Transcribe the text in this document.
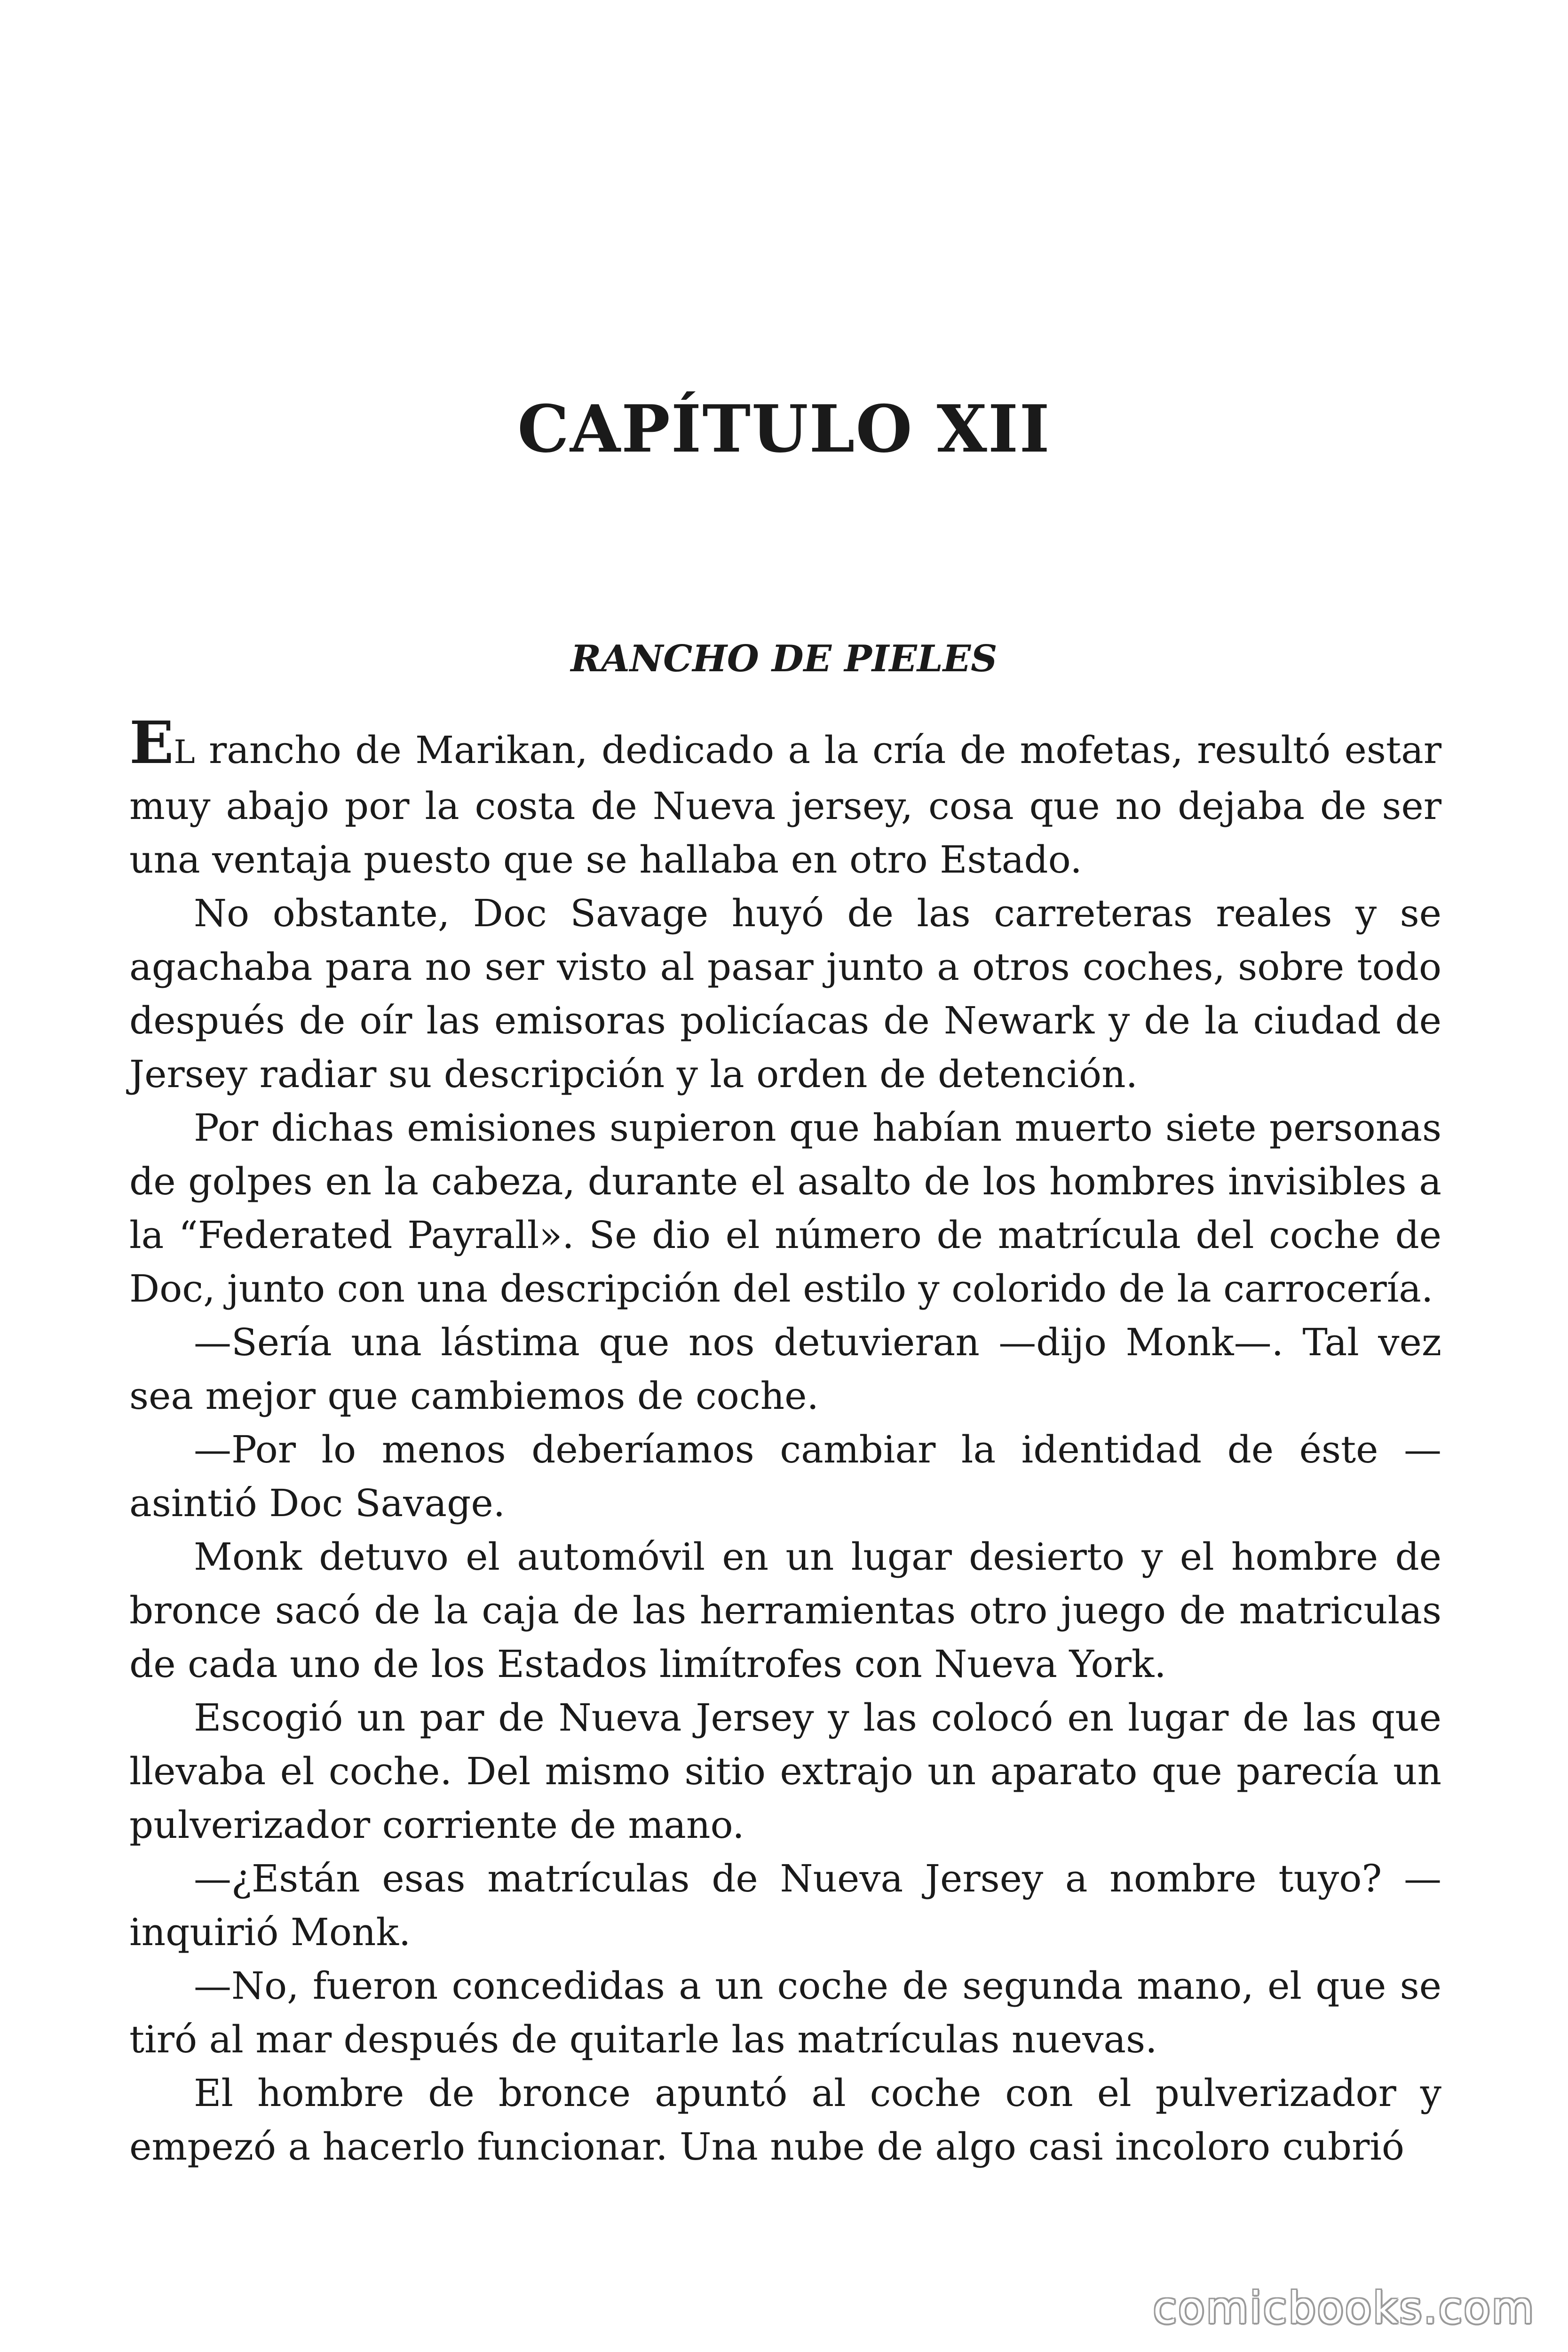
CAPÍTULO XII
RANCHO DE PIELES

EL rancho de Marikan, dedicado a la cría de mofetas, resultó estar muy abajo por la costa de Nueva jersey, cosa que no dejaba de ser una ventaja puesto que se hallaba en otro Estado.

No obstante, Doc Savage huyó de las carreteras reales y se agachaba para no ser visto al pasar junto a otros coches, sobre todo después de oír las emisoras policíacas de Newark y de la ciudad de Jersey radiar su descripción y la orden de detención.

Por dichas emisiones supieron que habían muerto siete personas de golpes en la cabeza, durante el asalto de los hombres invisibles a la “Federated Payrall». Se dio el número de matrícula del coche de Doc, junto con una descripción del estilo y colorido de la carrocería.

—Sería una lástima que nos detuvieran —dijo Monk—. Tal vez sea mejor que cambiemos de coche.

—Por lo menos deberíamos cambiar la identidad de éste —asintió Doc Savage.

Monk detuvo el automóvil en un lugar desierto y el hombre de bronce sacó de la caja de las herramientas otro juego de matriculas de cada uno de los Estados limítrofes con Nueva York.

Escogió un par de Nueva Jersey y las colocó en lugar de las que llevaba el coche. Del mismo sitio extrajo un aparato que parecía un pulverizador corriente de mano.

—¿Están esas matrículas de Nueva Jersey a nombre tuyo? —inquirió Monk.

—No, fueron concedidas a un coche de segunda mano, el que se tiró al mar después de quitarle las matrículas nuevas.

El hombre de bronce apuntó al coche con el pulverizador y empezó a hacerlo funcionar. Una nube de algo casi incoloro cubrió

comicbooks.com
